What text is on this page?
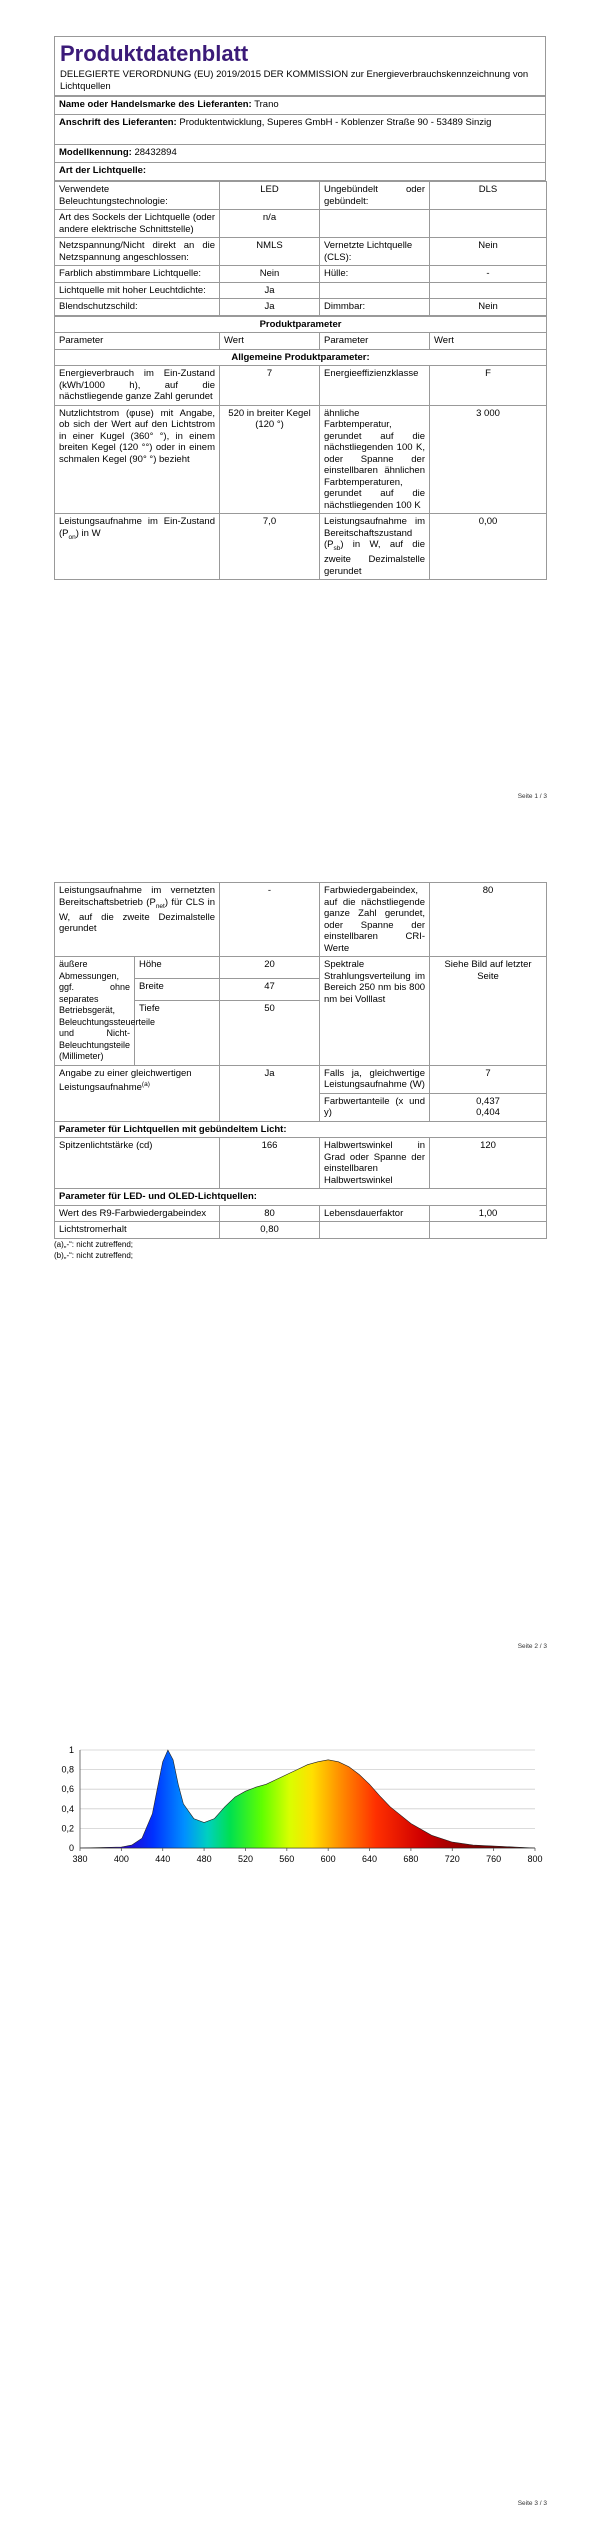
Produktdatenblatt
DELEGIERTE VERORDNUNG (EU) 2019/2015 DER KOMMISSION zur Energieverbrauchskennzeichnung von Lichtquellen
Name oder Handelsmarke des Lieferanten: Trano
Anschrift des Lieferanten: Produktentwicklung, Superes GmbH - Koblenzer Straße 90 - 53489 Sinzig
Modellkennung: 28432894
Art der Lichtquelle:
Verwendete Beleuchtungstechnologie:	LED	Ungebündelt oder gebündelt:	DLS
Art des Sockels der Lichtquelle (oder andere elektrische Schnittstelle)	n/a		
Netzspannung/Nicht direkt an die Netzspannung angeschlossen:	NMLS	Vernetzte Lichtquelle (CLS):	Nein
Farblich abstimmbare Lichtquelle:	Nein	Hülle:	-
Lichtquelle mit hoher Leuchtdichte:	Ja		
Blendschutzschild:	Ja	Dimmbar:	Nein
Produktparameter			
Parameter	Wert	Parameter	Wert
Allgemeine Produktparameter:			
Energieverbrauch im Ein-Zustand (kWh/1000 h), auf die nächstliegende ganze Zahl gerundet	7	Energieeffizienzklasse	F
Nutzlichtstrom (φuse) mit Angabe, ob sich der Wert auf den Lichtstrom in einer Kugel (360° °), in einem breiten Kegel (120 °°) oder in einem schmalen Kegel (90° °) bezieht	520 in breiter Kegel (120 °)	ähnliche Farbtemperatur, gerundet auf die nächstliegenden 100 K, oder Spanne der einstellbaren ähnlichen Farbtemperaturen, gerundet auf die nächstliegenden 100 K	3 000
Leistungsaufnahme im Ein-Zustand $(P_{on})$ in W	7,0	Leistungsaufnahme im Bereitschaftszustand $(P_{sb})$ in W, auf die zweite Dezimalstelle gerundet	0,00
Seite 1 / 3
Leistungsaufnahme im vernetzten Bereitschaftsbetrieb $(P_{net})$ für CLS in W, auf die zweite Dezimalstelle gerundet		-	Farbwiedergabeindex, auf die nächstliegende ganze Zahl gerundet, oder Spanne der einstellbaren CRI-Werte	80
äußere Abmessungen, ggf. ohne separates Betriebsgerät, Beleuchtungssteuerteile und Nicht-Beleuchtungsteile (Millimeter)	Höhe	20	Spektrale Strahlungsverteilung im Bereich 250 nm bis 800 nm bei Volllast	Siehe Bild auf letzter Seite
	Breite	47		
	Tiefe	50		
Angabe zu einer gleichwertigen Leistungsaufnahme$^{(a)}$		Ja	Falls ja, gleichwertige Leistungsaufnahme (W)	7
			Farbwertanteile (x und y)	0,437
0,404

Parameter für Lichtquellen mit gebündeltem Licht:				
Spitzenlichtstärke (cd)		166	Halbwertswinkel in Grad oder Spanne der einstellbaren Halbwertswinkel	120
Parameter für LED- und OLED-Lichtquellen:				
Wert des R9-Farbwiedergabeindex		80	Lebensdauerfaktor	1,00
Lichtstromerhalt		0,80		
(a)„-“: nicht zutreffend;
(b)„-“: nicht zutreffend;
Seite 2 / 3
0
0,2
0,4
0,6
0,8
1
380	400	440	480	520	560	600	640	680	720	760	800
Seite 3 / 3
